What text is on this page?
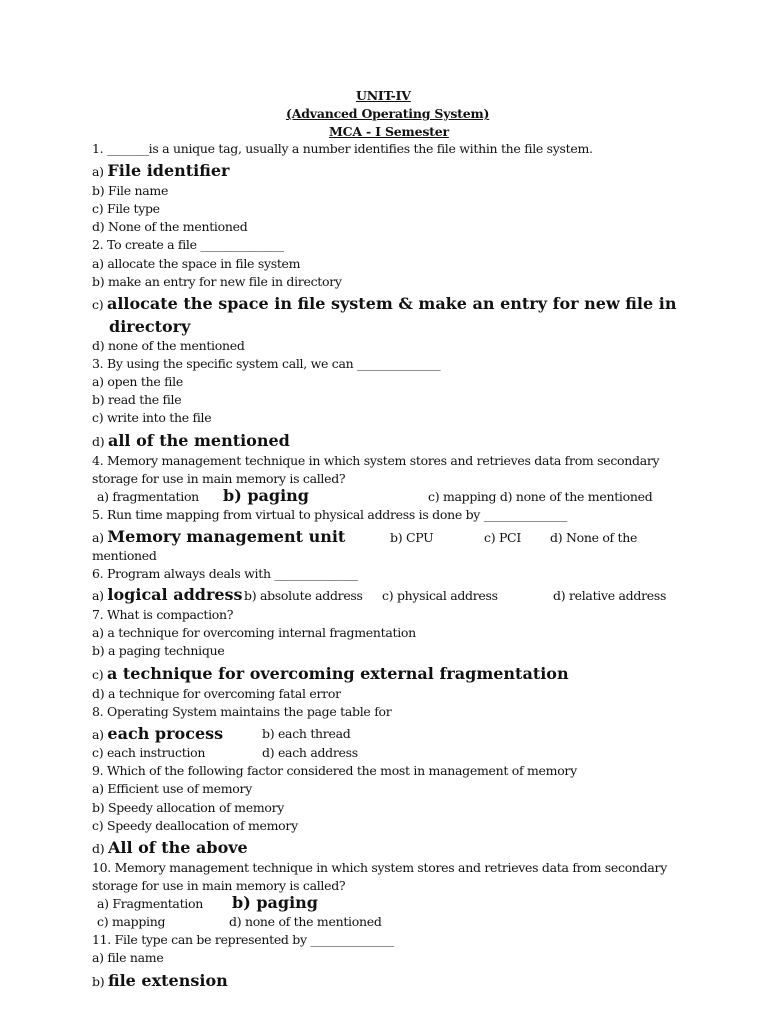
UNIT-IV

(Advanced Operating System)

MCA - I Semester

1. _______is a unique tag, usually a number identifies the file within the file system.

a) File identifier

b) File name

c) File type

d) None of the mentioned

2. To create a file ______________

a) allocate the space in file system

b) make an entry for new file in directory

c) allocate the space in file system & make an entry for new file in

directory

d) none of the mentioned

3. By using the specific system call, we can ______________

a) open the file

b) read the file

c) write into the file

d) all of the mentioned

4. Memory management technique in which system stores and retrieves data from secondary

storage for use in main memory is called?

a) fragmentation b) paging	c) mapping d) none of the mentioned

5. Run time mapping from virtual to physical address is done by ______________

a) Memory management unit	b) CPU	c) PCI d) None of the

mentioned

6. Program always deals with ______________

a) logical address b) absolute address c) physical address	d) relative address

7. What is compaction?

a) a technique for overcoming internal fragmentation

b) a paging technique

c) a technique for overcoming external fragmentation

d) a technique for overcoming fatal error

8. Operating System maintains the page table for

a) each process	b) each thread

c) each instruction	d) each address

9. Which of the following factor considered the most in management of memory

a) Efficient use of memory

b) Speedy allocation of memory

c) Speedy deallocation of memory

d) All of the above

10. Memory management technique in which system stores and retrieves data from secondary

storage for use in main memory is called?

a) Fragmentation b) paging

c) mapping	d) none of the mentioned

11. File type can be represented by ______________

a) file name

b) file extension
